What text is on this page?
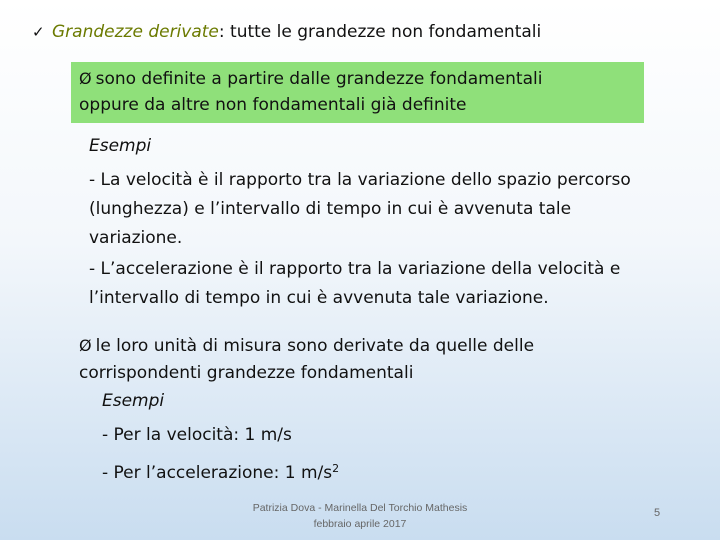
✓ Grandezze derivate: tutte le grandezze non fondamentali
Ø sono definite a partire dalle grandezze fondamentali
oppure da altre non fondamentali già definite
Esempi
- La velocità è il rapporto tra la variazione dello spazio percorso
(lunghezza) e l’intervallo di tempo in cui è avvenuta tale
variazione.
- L’accelerazione è il rapporto tra la variazione della velocità e
l’intervallo di tempo in cui è avvenuta tale variazione.
Ø le loro unità di misura sono derivate da quelle delle
corrispondenti grandezze fondamentali
Esempi
- Per la velocità: 1 m/s
- Per l’accelerazione: 1 $m/s^2$
Patrizia Dova - Marinella Del Torchio Mathesis
febbraio aprile 2017
5
